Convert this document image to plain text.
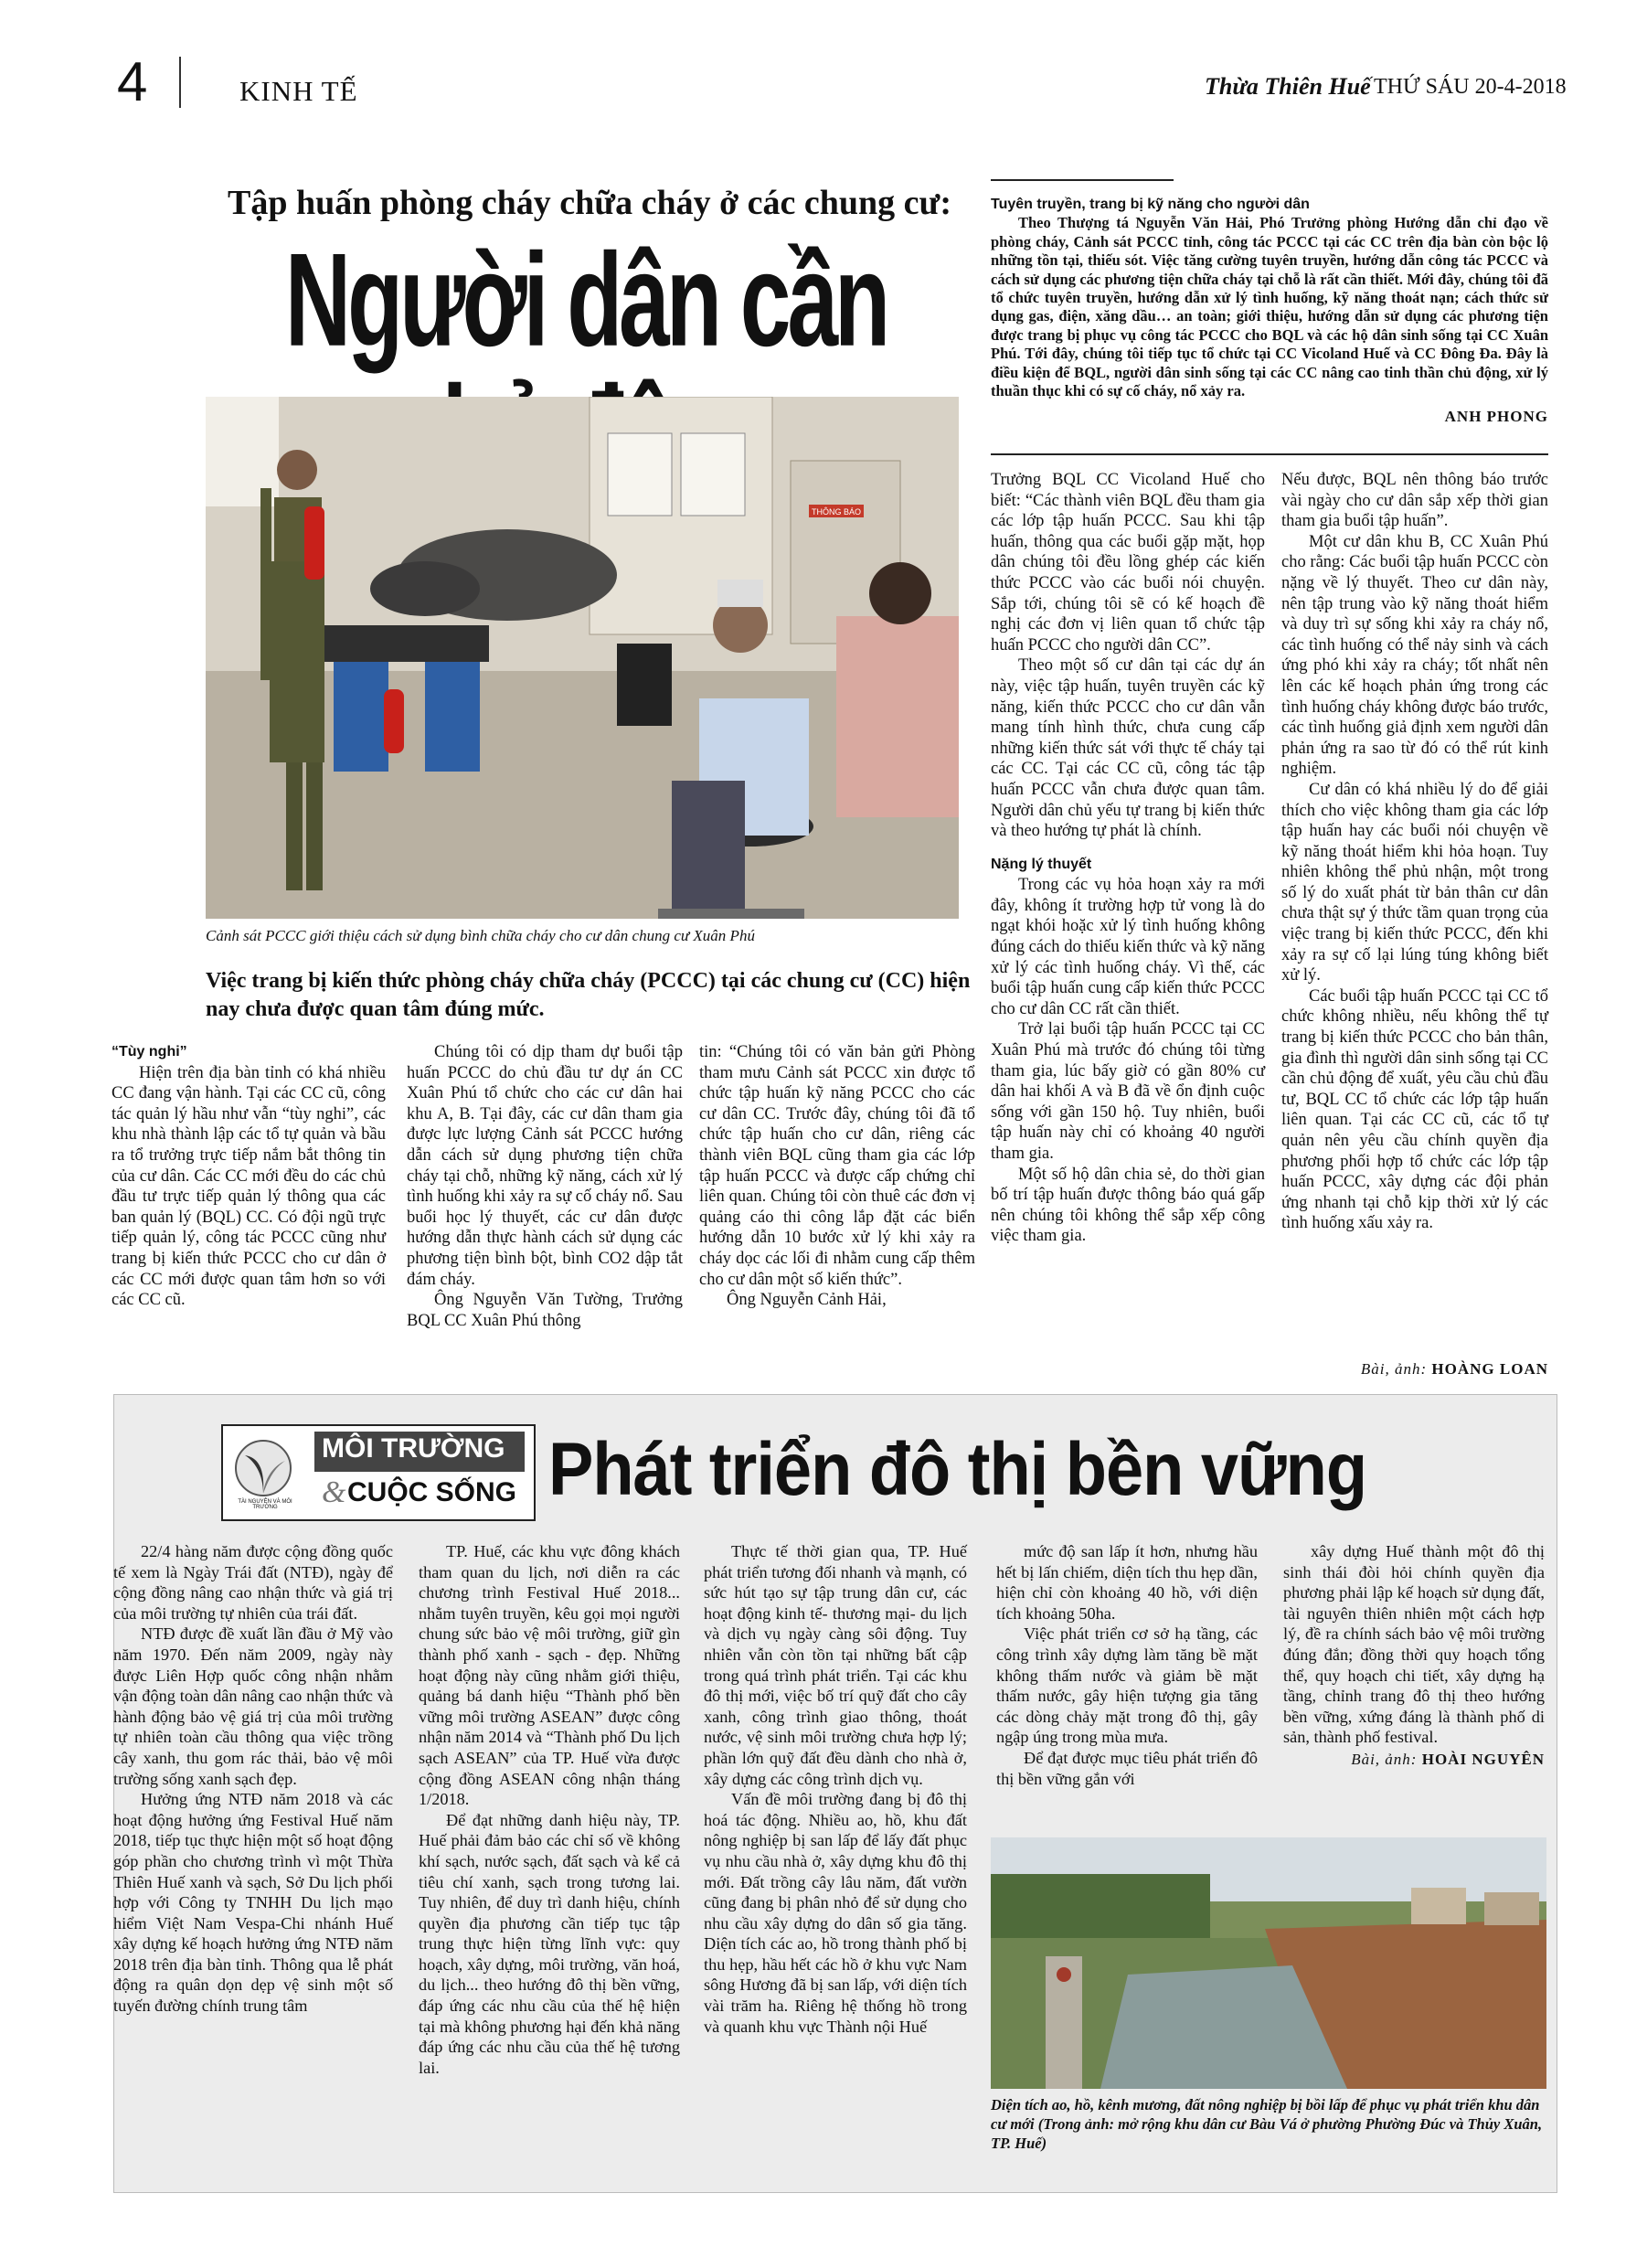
4	KINH TẾ	Thừa Thiên Huế THỨ SÁU 20-4-2018
Tập huấn phòng cháy chữa cháy ở các chung cư:
Người dân cần
THÔNG BÁO
Cảnh sát PCCC giới thiệu cách sử dụng bình chữa cháy cho cư dân chung cư Xuân Phú
Tuyên truyền, trang bị kỹ năng cho người dân

Theo Thượng tá Nguyễn Văn Hải, Phó Trưởng phòng Hướng dẫn chỉ đạo về phòng cháy, Cảnh sát PCCC tỉnh, công tác PCCC tại các CC trên địa bàn còn bộc lộ những tồn tại, thiếu sót. Việc tăng cường tuyên truyền, hướng dẫn công tác PCCC và cách sử dụng các phương tiện chữa cháy tại chỗ là rất cần thiết. Mới đây, chúng tôi đã tổ chức tuyên truyền, hướng dẫn xử lý tình huống, kỹ năng thoát nạn; cách thức sử dụng gas, điện, xăng dầu… an toàn; giới thiệu, hướng dẫn sử dụng các phương tiện được trang bị phục vụ công tác PCCC cho BQL và các hộ dân sinh sống tại CC Xuân Phú. Tới đây, chúng tôi tiếp tục tổ chức tại CC Vicoland Huế và CC Đông Đa. Đây là điều kiện để BQL, người dân sinh sống tại các CC nâng cao tinh thần chủ động, xử lý thuần thục khi có sự cố cháy, nổ xảy ra.

ANH PHONG
Việc trang bị kiến thức phòng cháy chữa cháy (PCCC) tại các chung cư (CC) hiện nay chưa được quan tâm đúng mức.
“Tùy nghi”

Hiện trên địa bàn tỉnh có khá nhiều CC đang vận hành. Tại các CC cũ, công tác quản lý hầu như vẫn “tùy nghi”, các khu nhà thành lập các tổ tự quản và bầu ra tổ trưởng trực tiếp nắm bắt thông tin của cư dân. Các CC mới đều do các chủ đầu tư trực tiếp quản lý thông qua các ban quản lý (BQL) CC. Có đội ngũ trực tiếp quản lý, công tác PCCC cũng như trang bị kiến thức PCCC cho cư dân ở các CC mới được quan tâm hơn so với các CC cũ.

Chúng tôi có dịp tham dự buổi tập huấn PCCC do chủ đầu tư dự án CC Xuân Phú tổ chức cho các cư dân hai khu A, B. Tại đây, các cư dân tham gia được lực lượng Cảnh sát PCCC hướng dẫn cách sử dụng phương tiện chữa cháy tại chỗ, những kỹ năng, cách xử lý tình huống khi xảy ra sự cố cháy nổ. Sau buổi học lý thuyết, các cư dân được hướng dẫn thực hành cách sử dụng các phương tiện bình bột, bình CO2 dập tắt đám cháy.

Ông Nguyễn Văn Tường, Trưởng BQL CC Xuân Phú thông

tin: “Chúng tôi có văn bản gửi Phòng tham mưu Cảnh sát PCCC xin được tổ chức tập huấn kỹ năng PCCC cho các cư dân CC. Trước đây, chúng tôi đã tổ chức tập huấn cho cư dân, riêng các thành viên BQL cũng tham gia các lớp tập huấn PCCC và được cấp chứng chỉ liên quan. Chúng tôi còn thuê các đơn vị quảng cáo thi công lắp đặt các biển hướng dẫn 10 bước xử lý khi xảy ra cháy dọc các lối đi nhằm cung cấp thêm cho cư dân một số kiến thức”.

Ông Nguyễn Cảnh Hải,

Trưởng BQL CC Vicoland Huế cho biết: “Các thành viên BQL đều tham gia các lớp tập huấn PCCC. Sau khi tập huấn, thông qua các buổi gặp mặt, họp dân chúng tôi đều lồng ghép các kiến thức PCCC vào các buổi nói chuyện. Sắp tới, chúng tôi sẽ có kế hoạch đề nghị các đơn vị liên quan tổ chức tập huấn PCCC cho người dân CC”.

Theo một số cư dân tại các dự án này, việc tập huấn, tuyên truyền các kỹ năng, kiến thức PCCC cho cư dân vẫn mang tính hình thức, chưa cung cấp những kiến thức sát với thực tế cháy tại các CC. Tại các CC cũ, công tác tập huấn PCCC vẫn chưa được quan tâm. Người dân chủ yếu tự trang bị kiến thức và theo hướng tự phát là chính.

Nặng lý thuyết

Trong các vụ hỏa hoạn xảy ra mới đây, không ít trường hợp tử vong là do ngạt khói hoặc xử lý tình huống không đúng cách do thiếu kiến thức và kỹ năng xử lý các tình huống cháy. Vì thế, các buổi tập huấn cung cấp kiến thức PCCC cho cư dân CC rất cần thiết.

Trở lại buổi tập huấn PCCC tại CC Xuân Phú mà trước đó chúng tôi từng tham gia, lúc bấy giờ có gần 80% cư dân hai khối A và B đã về ổn định cuộc sống với gần 150 hộ. Tuy nhiên, buổi tập huấn này chỉ có khoảng 40 người tham gia.

Một số hộ dân chia sẻ, do thời gian bố trí tập huấn được thông báo quá gấp nên chúng tôi không thể sắp xếp công việc tham gia.

Nếu được, BQL nên thông báo trước vài ngày cho cư dân sắp xếp thời gian tham gia buổi tập huấn”.

Một cư dân khu B, CC Xuân Phú cho rằng: Các buổi tập huấn PCCC còn nặng về lý thuyết. Theo cư dân này, nên tập trung vào kỹ năng thoát hiểm và duy trì sự sống khi xảy ra cháy nổ, các tình huống có thể nảy sinh và cách ứng phó khi xảy ra cháy; tốt nhất nên lên các kế hoạch phản ứng trong các tình huống cháy không được báo trước, các tình huống giả định xem người dân phản ứng ra sao từ đó có thể rút kinh nghiệm.

Cư dân có khá nhiều lý do để giải thích cho việc không tham gia các lớp tập huấn hay các buổi nói chuyện về kỹ năng thoát hiểm khi hỏa hoạn. Tuy nhiên không thể phủ nhận, một trong số lý do xuất phát từ bản thân cư dân chưa thật sự ý thức tầm quan trọng của việc trang bị kiến thức PCCC, đến khi xảy ra sự cố lại lúng túng không biết xử lý.

Các buổi tập huấn PCCC tại CC tổ chức không nhiều, nếu không thể tự trang bị kiến thức PCCC cho bản thân, gia đình thì người dân sinh sống tại CC cần chủ động để xuất, yêu cầu chủ đầu tư, BQL CC tổ chức các lớp tập huấn liên quan. Tại các CC cũ, các tổ tự quản nên yêu cầu chính quyền địa phương phối hợp tổ chức các lớp tập huấn PCCC, xây dựng các đội phản ứng nhanh tại chỗ kịp thời xử lý các tình huống xấu xảy ra.

Bài, ảnh: HOÀNG LOAN
TÀI NGUYÊN VÀ MÔI TRƯỜNG
MÔI TRƯỜNG
& CUỘC SỐNG Phát triển đô thị bền vững

22/4 hàng năm được cộng đồng quốc tế xem là Ngày Trái đất (NTĐ), ngày để cộng đồng nâng cao nhận thức và giá trị của môi trường tự nhiên của trái đất.

NTĐ được đề xuất lần đầu ở Mỹ vào năm 1970. Đến năm 2009, ngày này được Liên Hợp quốc công nhận nhằm vận động toàn dân nâng cao nhận thức và hành động bảo vệ giá trị của môi trường tự nhiên toàn cầu thông qua việc trồng cây xanh, thu gom rác thải, bảo vệ môi trường sống xanh sạch đẹp.

Hưởng ứng NTĐ năm 2018 và các hoạt động hưởng ứng Festival Huế năm 2018, tiếp tục thực hiện một số hoạt động góp phần cho chương trình vì một Thừa Thiên Huế xanh và sạch, Sở Du lịch phối hợp với Công ty TNHH Du lịch mạo hiểm Việt Nam Vespa-Chi nhánh Huế xây dựng kế hoạch hưởng ứng NTĐ năm 2018 trên địa bàn tỉnh. Thông qua lễ phát động ra quân dọn dẹp vệ sinh một số tuyến đường chính trung tâm

TP. Huế, các khu vực đông khách tham quan du lịch, nơi diễn ra các chương trình Festival Huế 2018... nhằm tuyên truyền, kêu gọi mọi người chung sức bảo vệ môi trường, giữ gìn thành phố xanh - sạch - đẹp. Những hoạt động này cũng nhằm giới thiệu, quảng bá danh hiệu “Thành phố bền vững môi trường ASEAN” được công nhận năm 2014 và “Thành phố Du lịch sạch ASEAN” của TP. Huế vừa được cộng đồng ASEAN công nhận tháng 1/2018.

Để đạt những danh hiệu này, TP. Huế phải đảm bảo các chỉ số về không khí sạch, nước sạch, đất sạch và kể cả tiêu chí xanh, sạch trong tương lai. Tuy nhiên, để duy trì danh hiệu, chính quyền địa phương cần tiếp tục tập trung thực hiện từng lĩnh vực: quy hoạch, xây dựng, môi trường, văn hoá, du lịch... theo hướng đô thị bền vững, đáp ứng các nhu cầu của thế hệ hiện tại mà không phương hại đến khả năng đáp ứng các nhu cầu của thế hệ tương lai.

Thực tế thời gian qua, TP. Huế phát triển tương đối nhanh và mạnh, có sức hút tạo sự tập trung dân cư, các hoạt động kinh tế- thương mại- du lịch và dịch vụ ngày càng sôi động. Tuy nhiên vẫn còn tồn tại những bất cập trong quá trình phát triển. Tại các khu đô thị mới, việc bố trí quỹ đất cho cây xanh, công trình giao thông, thoát nước, vệ sinh môi trường chưa hợp lý; phần lớn quỹ đất đều dành cho nhà ở, xây dựng các công trình dịch vụ.

Vấn đề môi trường đang bị đô thị hoá tác động. Nhiều ao, hồ, khu đất nông nghiệp bị san lấp để lấy đất phục vụ nhu cầu nhà ở, xây dựng khu đô thị mới. Đất trồng cây lâu năm, đất vườn cũng đang bị phân nhỏ để sử dụng cho nhu cầu xây dựng do dân số gia tăng. Diện tích các ao, hồ trong thành phố bị thu hẹp, hầu hết các hồ ở khu vực Nam sông Hương đã bị san lấp, với diện tích vài trăm ha. Riêng hệ thống hồ trong và quanh khu vực Thành nội Huế

mức độ san lấp ít hơn, nhưng hầu hết bị lấn chiếm, diện tích thu hẹp dần, hiện chỉ còn khoảng 40 hồ, với diện tích khoảng 50ha.

Việc phát triển cơ sở hạ tầng, các công trình xây dựng làm tăng bề mặt không thấm nước và giảm bề mặt thấm nước, gây hiện tượng gia tăng các dòng chảy mặt trong đô thị, gây ngập úng trong mùa mưa.

Để đạt được mục tiêu phát triển đô thị bền vững gắn với

xây dựng Huế thành một đô thị sinh thái đòi hỏi chính quyền địa phương phải lập kế hoạch sử dụng đất, tài nguyên thiên nhiên một cách hợp lý, đề ra chính sách bảo vệ môi trường đúng đắn; đồng thời quy hoạch tổng thể, quy hoạch chi tiết, xây dựng hạ tầng, chỉnh trang đô thị theo hướng bền vững, xứng đáng là thành phố di sản, thành phố festival.

Bài, ảnh: HOÀI NGUYÊN
Diện tích ao, hồ, kênh mương, đất nông nghiệp bị bồi lấp để phục vụ phát triển khu dân cư mới (Trong ảnh: mở rộng khu dân cư Bàu Vá ở phường Phường Đúc và Thủy Xuân, TP. Huế)
